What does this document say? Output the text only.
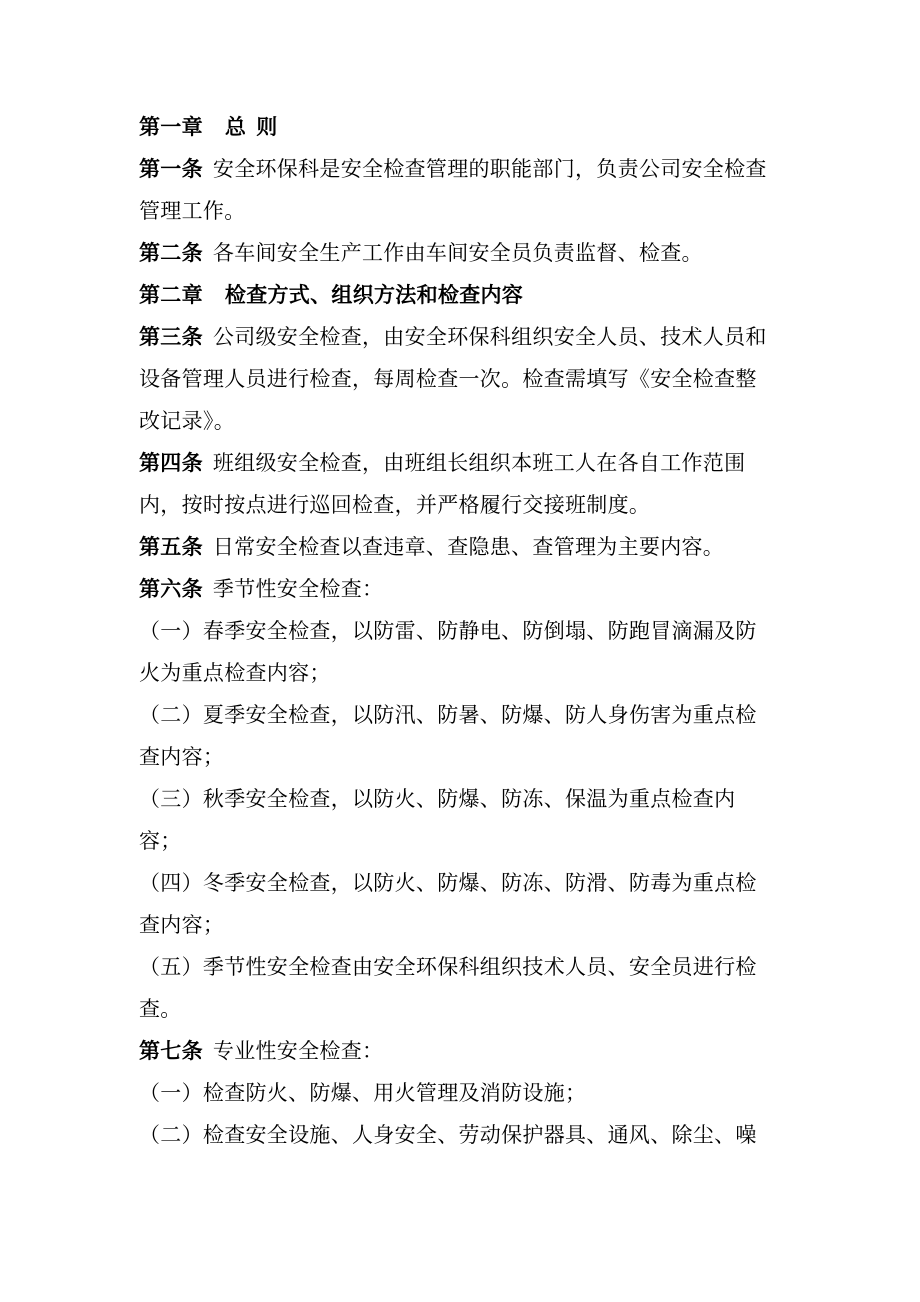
第一章 总 则
第一条 安全环保科是安全检查管理的职能部门，负责公司安全检查
管理工作。
第二条 各车间安全生产工作由车间安全员负责监督、检查。
第二章 检查方式、组织方法和检查内容
第三条 公司级安全检查，由安全环保科组织安全人员、技术人员和
设备管理人员进行检查，每周检查一次。检查需填写《安全检查整
改记录》。
第四条 班组级安全检查，由班组长组织本班工人在各自工作范围
内，按时按点进行巡回检查，并严格履行交接班制度。
第五条 日常安全检查以查违章、查隐患、查管理为主要内容。
第六条 季节性安全检查：
（一）春季安全检查，以防雷、防静电、防倒塌、防跑冒滴漏及防
火为重点检查内容；
（二）夏季安全检查，以防汛、防暑、防爆、防人身伤害为重点检
查内容；
（三）秋季安全检查，以防火、防爆、防冻、保温为重点检查内
容；
（四）冬季安全检查，以防火、防爆、防冻、防滑、防毒为重点检
查内容；
（五）季节性安全检查由安全环保科组织技术人员、安全员进行检
查。
第七条 专业性安全检查：
（一）检查防火、防爆、用火管理及消防设施；
（二）检查安全设施、人身安全、劳动保护器具、通风、除尘、噪
